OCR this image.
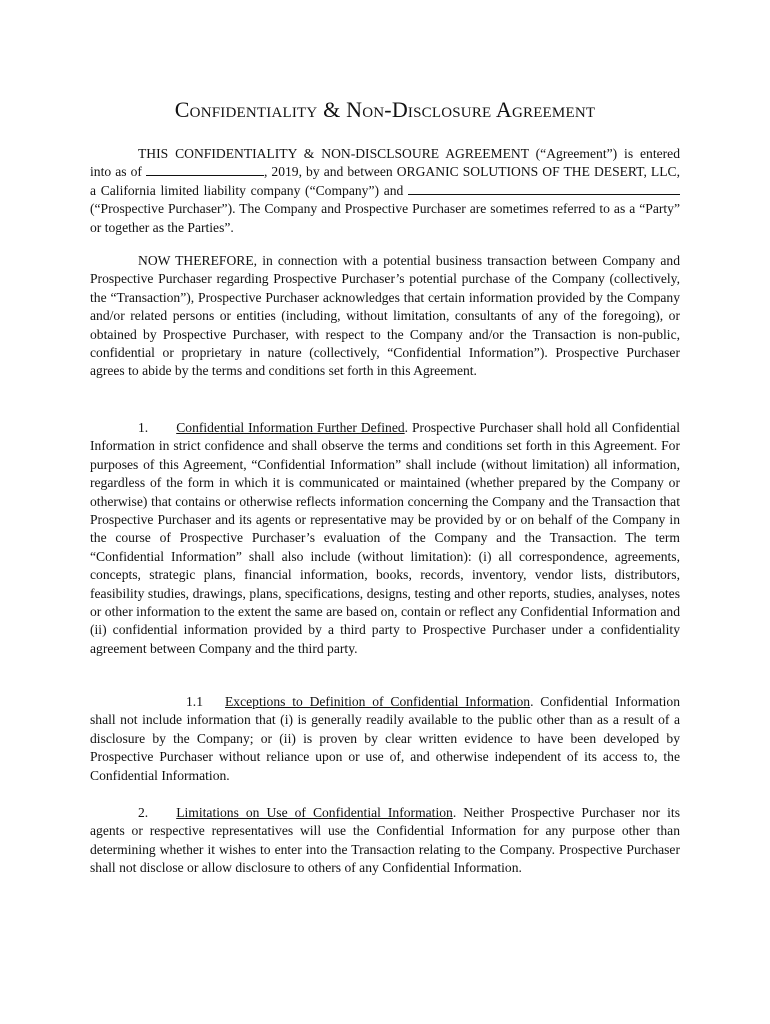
Confidentiality & Non-Disclosure Agreement
THIS CONFIDENTIALITY & NON-DISCLSOURE AGREEMENT (“Agreement”) is entered into as of	, 2019, by and between ORGANIC SOLUTIONS OF THE DESERT, LLC, a California limited liability company (“Company”) and  (“Prospective Purchaser”). The Company and Prospective Purchaser are sometimes referred to as a “Party” or together as the Parties”.
NOW THEREFORE, in connection with a potential business transaction between Company and Prospective Purchaser regarding Prospective Purchaser’s potential purchase of the Company (collectively, the “Transaction”), Prospective Purchaser acknowledges that certain information provided by the Company and/or related persons or entities (including, without limitation, consultants of any of the foregoing), or obtained by Prospective Purchaser, with respect to the Company and/or the Transaction is non-public, confidential or proprietary in nature (collectively, “Confidential Information”). Prospective Purchaser agrees to abide by the terms and conditions set forth in this Agreement.
1. Confidential Information Further Defined. Prospective Purchaser shall hold all Confidential Information in strict confidence and shall observe the terms and conditions set forth in this Agreement. For purposes of this Agreement, “Confidential Information” shall include (without limitation) all information, regardless of the form in which it is communicated or maintained (whether prepared by the Company or otherwise) that contains or otherwise reflects information concerning the Company and the Transaction that Prospective Purchaser and its agents or representative may be provided by or on behalf of the Company in the course of Prospective Purchaser’s evaluation of the Company and the Transaction. The term “Confidential Information” shall also include (without limitation): (i) all correspondence, agreements, concepts, strategic plans, financial information, books, records, inventory, vendor lists, distributors, feasibility studies, drawings, plans, specifications, designs, testing and other reports, studies, analyses, notes or other information to the extent the same are based on, contain or reflect any Confidential Information and (ii) confidential information provided by a third party to Prospective Purchaser under a confidentiality agreement between Company and the third party.
1.1 Exceptions to Definition of Confidential Information. Confidential Information shall not include information that (i) is generally readily available to the public other than as a result of a disclosure by the Company; or (ii) is proven by clear written evidence to have been developed by Prospective Purchaser without reliance upon or use of, and otherwise independent of its access to, the Confidential Information.
2. Limitations on Use of Confidential Information. Neither Prospective Purchaser nor its agents or respective representatives will use the Confidential Information for any purpose other than determining whether it wishes to enter into the Transaction relating to the Company. Prospective Purchaser shall not disclose or allow disclosure to others of any Confidential Information.
